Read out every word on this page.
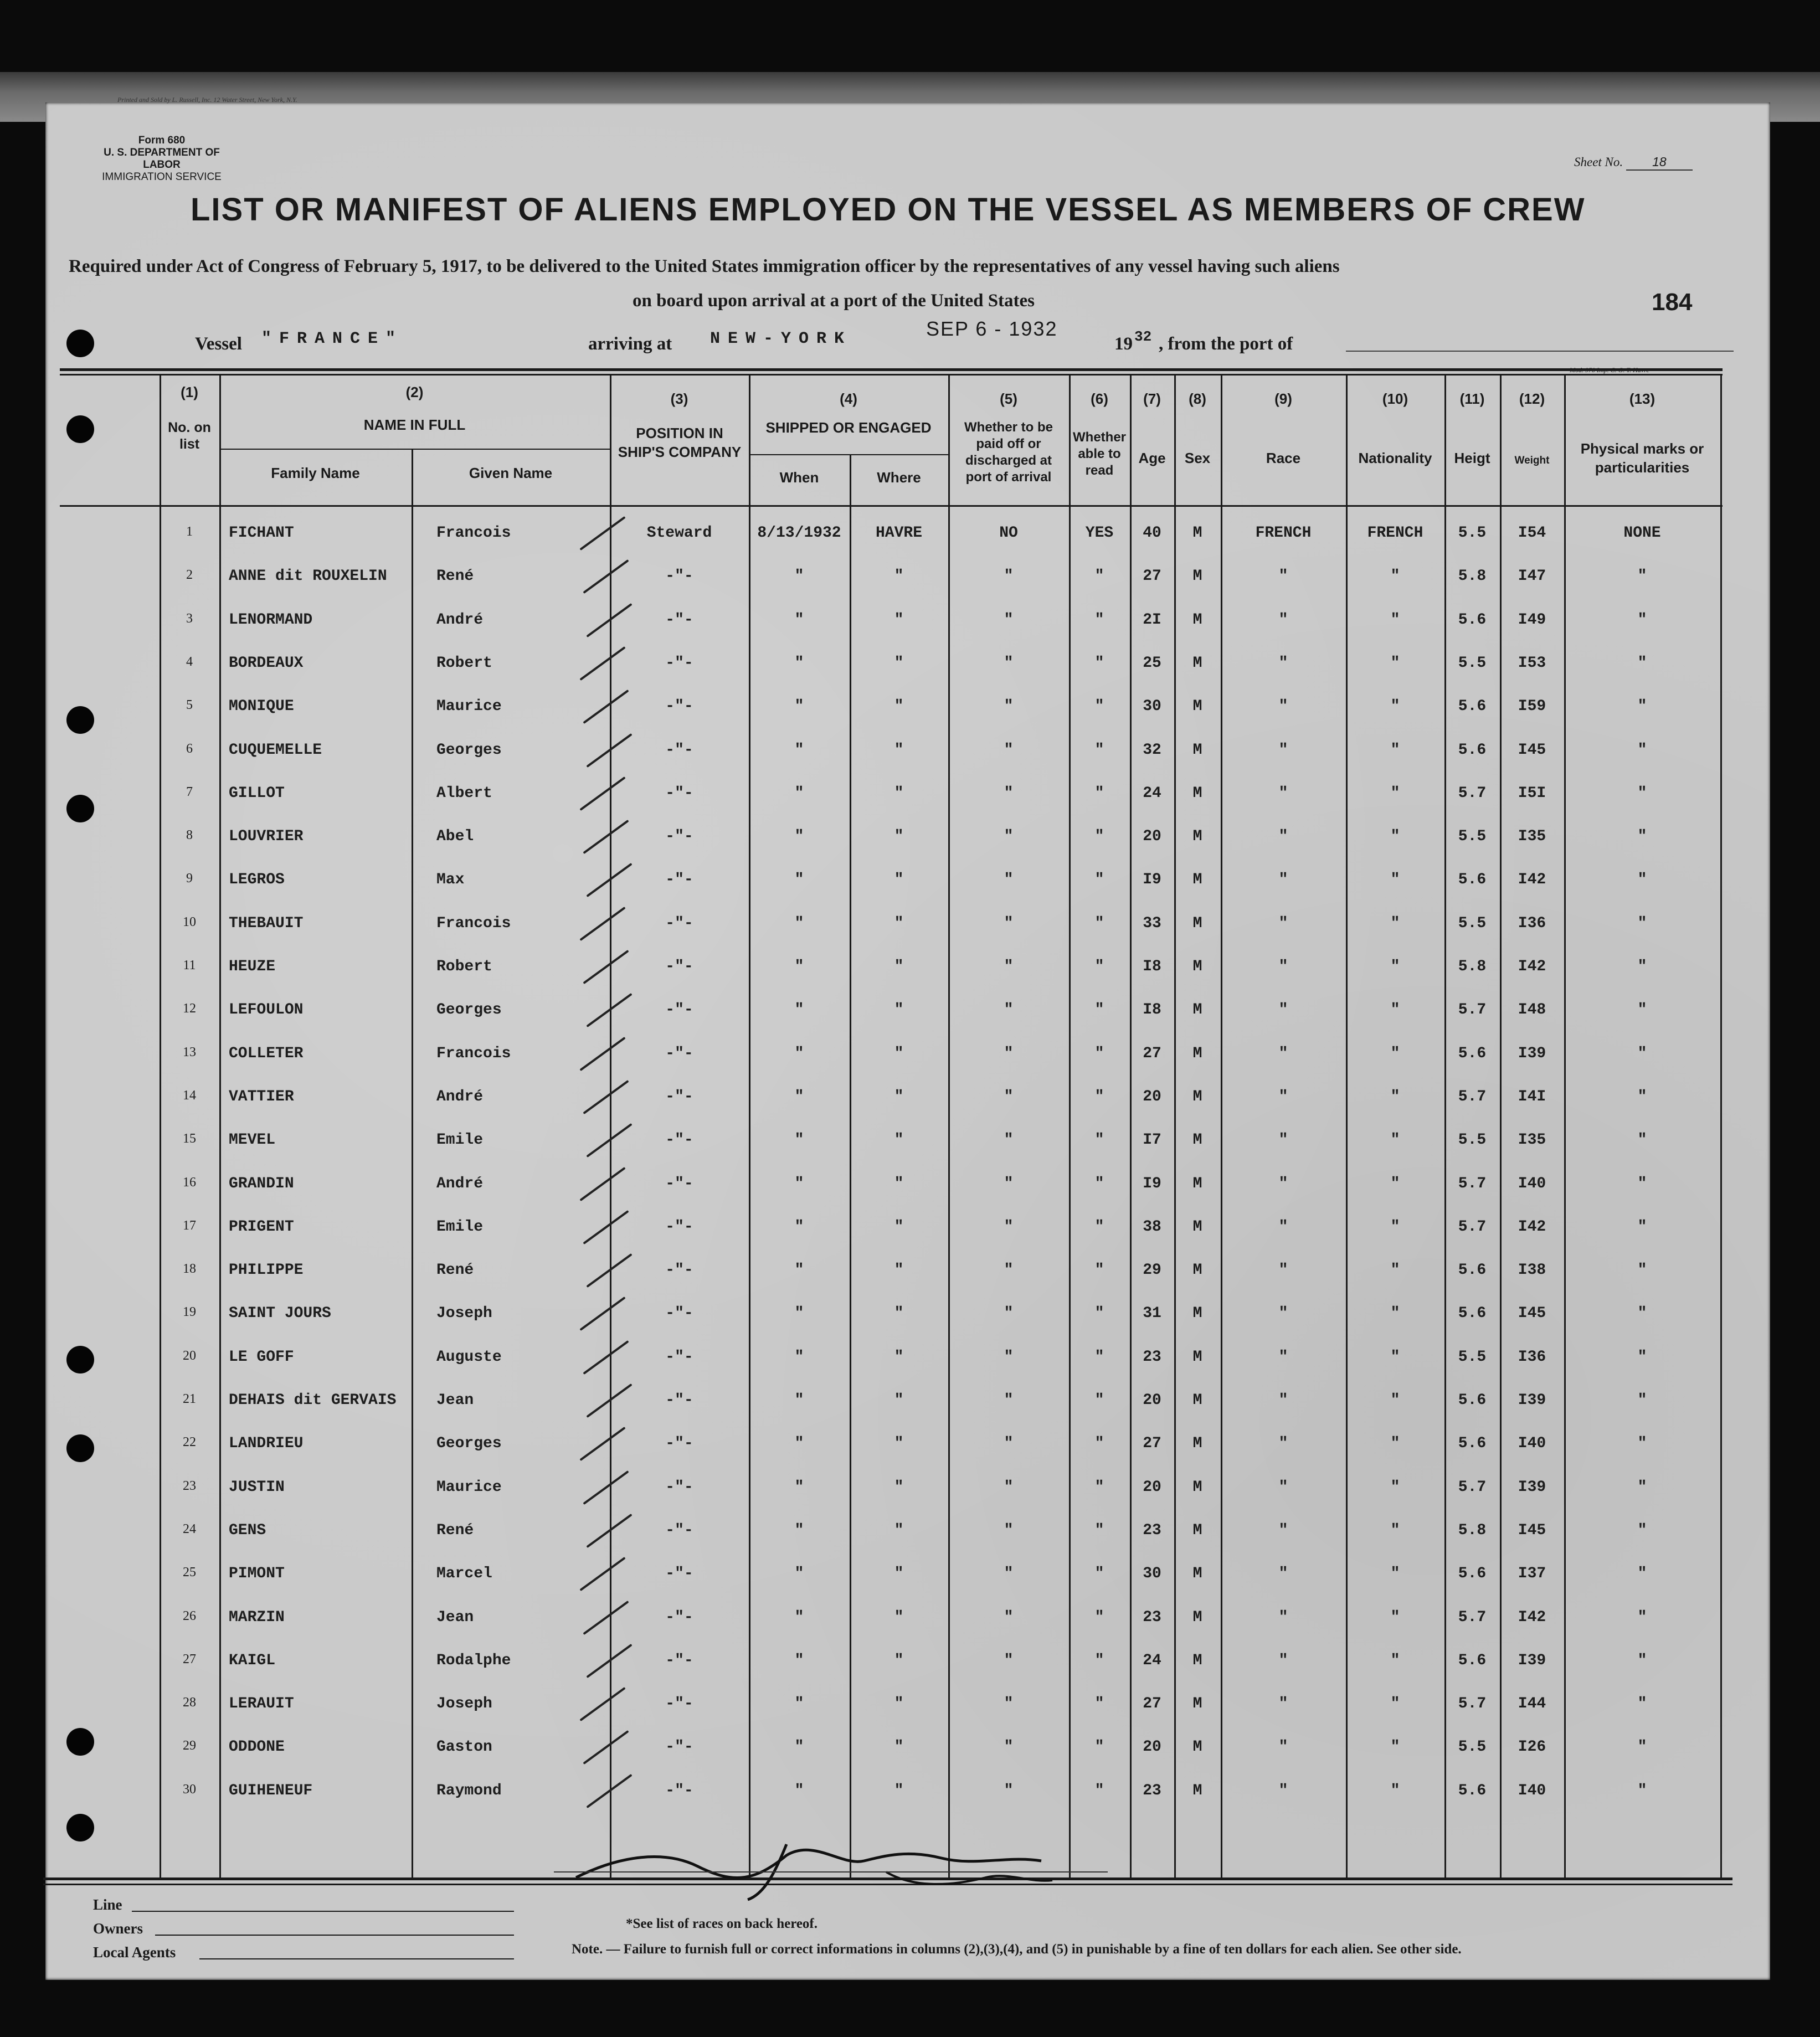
Printed and Sold by L. Russell, Inc. 12 Water Street, New York, N.Y.
Form 680
U. S. DEPARTMENT OF LABOR
IMMIGRATION SERVICE
Sheet No. 18
LIST OR MANIFEST OF ALIENS EMPLOYED ON THE VESSEL AS MEMBERS OF CREW
Required under Act of Congress of February 5, 1917, to be delivered to the United States immigration officer by the representatives of any vessel having such aliens
on board upon arrival at a port of the United States	184
Vessel "FRANCE"	arriving at NEW-YORK	SEP 6 - 1932
19 32 , from the port of
(1)	(2)	(3)	(4)	(5)	(6)	(7)	(8)	(9)	(10)	(11)	(12)	(13)
No. on list
NAME IN FULL
Family Name	Given Name
POSITION IN SHIP'S COMPANY
SHIPPED OR ENGAGED
When	Where
Whether to be paid off or discharged at port of arrival
Whether able to read
Age	Sex	Race	Nationality	Heigt	Weight
Physical marks or particularities
1	FICHANT	Francois	Steward	8/13/1932	HAVRE	NO	YES	40	M	FRENCH	FRENCH	5.5	I54	NONE
2	ANNE dit ROUXELIN	René	-"-	"	"	"	"	27	M	"	"	5.8	I47	"
3	LENORMAND	André	-"-	"	"	"	"	2I	M	"	"	5.6	I49	"
4	BORDEAUX	Robert	-"-	"	"	"	"	25	M	"	"	5.5	I53	"
5	MONIQUE	Maurice	-"-	"	"	"	"	30	M	"	"	5.6	I59	"
6	CUQUEMELLE	Georges	-"-	"	"	"	"	32	M	"	"	5.6	I45	"
7	GILLOT	Albert	-"-	"	"	"	"	24	M	"	"	5.7	I5I	"
8	LOUVRIER	Abel	-"-	"	"	"	"	20	M	"	"	5.5	I35	"
9	LEGROS	Max	-"-	"	"	"	"	I9	M	"	"	5.6	I42	"
10	THEBAUIT	Francois	-"-	"	"	"	"	33	M	"	"	5.5	I36	"
11	HEUZE	Robert	-"-	"	"	"	"	I8	M	"	"	5.8	I42	"
12	LEFOULON	Georges	-"-	"	"	"	"	I8	M	"	"	5.7	I48	"
13	COLLETER	Francois	-"-	"	"	"	"	27	M	"	"	5.6	I39	"
14	VATTIER	André	-"-	"	"	"	"	20	M	"	"	5.7	I4I	"
15	MEVEL	Emile	-"-	"	"	"	"	I7	M	"	"	5.5	I35	"
16	GRANDIN	André	-"-	"	"	"	"	I9	M	"	"	5.7	I40	"
17	PRIGENT	Emile	-"-	"	"	"	"	38	M	"	"	5.7	I42	"
18	PHILIPPE	René	-"-	"	"	"	"	29	M	"	"	5.6	I38	"
19	SAINT JOURS	Joseph	-"-	"	"	"	"	31	M	"	"	5.6	I45	"
20	LE GOFF	Auguste	-"-	"	"	"	"	23	M	"	"	5.5	I36	"
21	DEHAIS dit GERVAIS	Jean	-"-	"	"	"	"	20	M	"	"	5.6	I39	"
22	LANDRIEU	Georges	-"-	"	"	"	"	27	M	"	"	5.6	I40	"
23	JUSTIN	Maurice	-"-	"	"	"	"	20	M	"	"	5.7	I39	"
24	GENS	René	-"-	"	"	"	"	23	M	"	"	5.8	I45	"
25	PIMONT	Marcel	-"-	"	"	"	"	30	M	"	"	5.6	I37	"
26	MARZIN	Jean	-"-	"	"	"	"	23	M	"	"	5.7	I42	"
27	KAIGL	Rodalphe	-"-	"	"	"	"	24	M	"	"	5.6	I39	"
28	LERAUIT	Joseph	-"-	"	"	"	"	27	M	"	"	5.7	I44	"
29	ODDONE	Gaston	-"-	"	"	"	"	20	M	"	"	5.5	I26	"
30	GUIHENEUF	Raymond	-"-	"	"	"	"	23	M	"	"	5.6	I40	"
Line
Owners
Local Agents
*See list of races on back hereof.
Note. — Failure to furnish full or correct informations in columns (2),(3),(4), and (5) in punishable by a fine of ten dollars for each alien. See other side.
